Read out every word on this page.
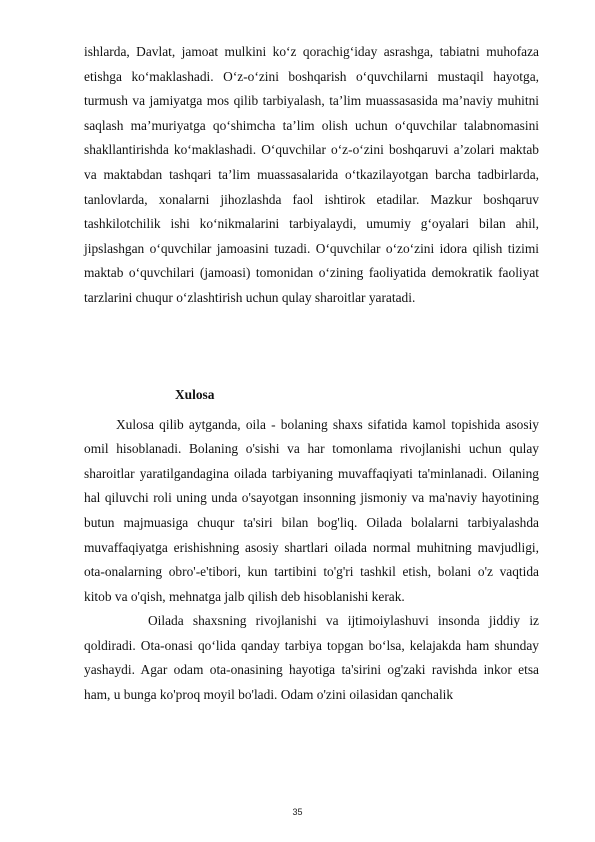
ishlarda, Davlat, jamoat mulkini ko‘z qorachig‘iday asrashga, tabiatni muhofaza etishga ko‘maklashadi. O‘z-o‘zini boshqarish o‘quvchilarni mustaqil hayotga, turmush va jamiyatga mos qilib tarbiyalash, ta’lim muassasasida ma’naviy muhitni saqlash ma’muriyatga qo‘shimcha ta’lim olish uchun o‘quvchilar talabnomasini shakllantirishda ko‘maklashadi. O‘quvchilar o‘z-o‘zini boshqaruvi a’zolari maktab va maktabdan tashqari ta’lim muassasalarida o‘tkazilayotgan barcha tadbirlarda, tanlovlarda, xonalarni jihozlashda faol ishtirok etadilar. Mazkur boshqaruv tashkilotchilik ishi ko‘nikmalarini tarbiyalaydi, umumiy g‘oyalari bilan ahil, jipslashgan o‘quvchilar jamoasini tuzadi. O‘quvchilar o‘zo‘zini idora qilish tizimi maktab o‘quvchilari (jamoasi) tomonidan o‘zining faoliyatida demokratik faoliyat tarzlarini chuqur o‘zlashtirish uchun qulay sharoitlar yaratadi.

Xulosa

Xulosa qilib aytganda, oila - bolaning shaxs sifatida kamol topishida asosiy omil hisoblanadi. Bolaning o'sishi va har tomonlama rivojlanishi uchun qulay sharoitlar yaratilgandagina oilada tarbiyaning muvaffaqiyati ta'minlanadi. Oilaning hal qiluvchi roli uning unda o'sayotgan insonning jismoniy va ma'naviy hayotining butun majmuasiga chuqur ta'siri bilan bog'liq. Oilada bolalarni tarbiyalashda muvaffaqiyatga erishishning asosiy shartlari oilada normal muhitning mavjudligi, ota-onalarning obro'-e'tibori, kun tartibini to'g'ri tashkil etish, bolani o'z vaqtida kitob va o'qish, mehnatga jalb qilish deb hisoblanishi kerak.

Oilada shaxsning rivojlanishi va ijtimoiylashuvi insonda jiddiy iz qoldiradi. Ota-onasi qo‘lida qanday tarbiya topgan bo‘lsa, kelajakda ham shunday yashaydi. Agar odam ota-onasining hayotiga ta'sirini og'zaki ravishda inkor etsa ham, u bunga ko'proq moyil bo'ladi. Odam o'zini oilasidan qanchalik

35
